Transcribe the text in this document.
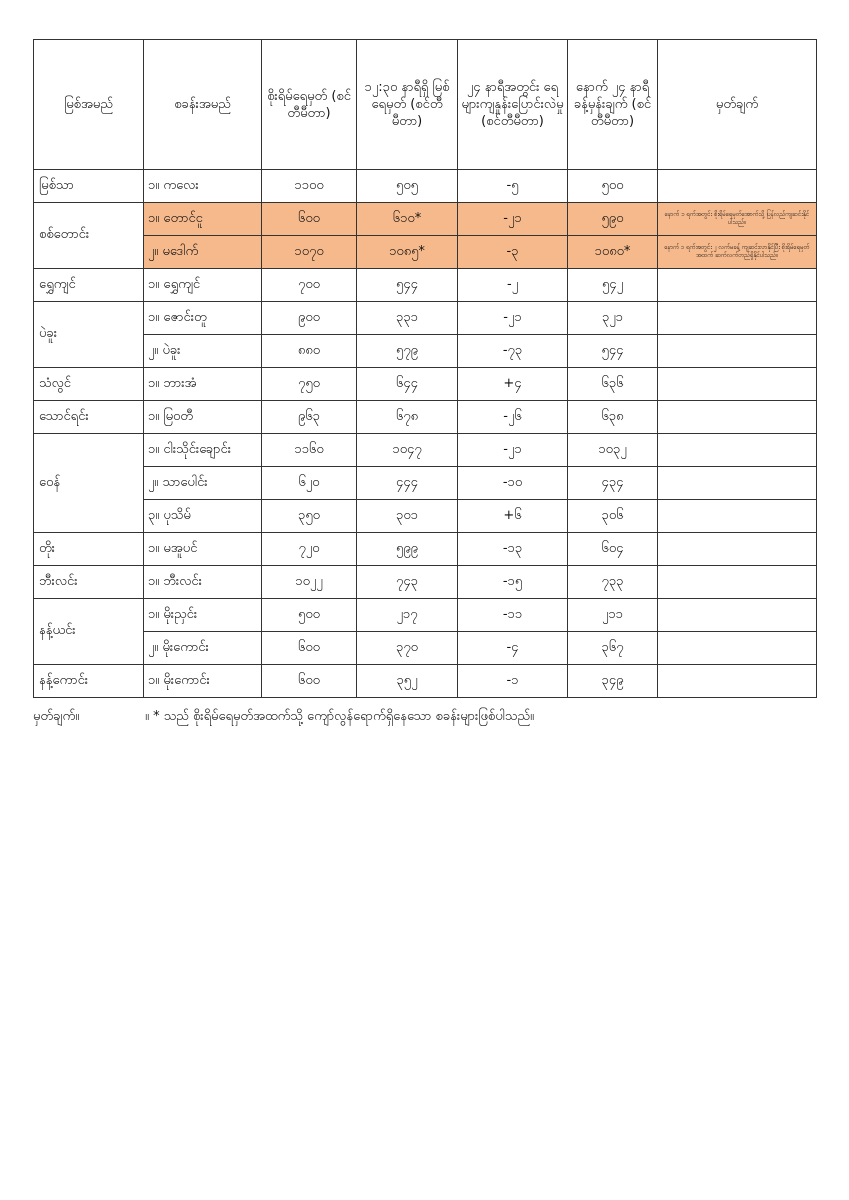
မြစ်အမည်	စခန်းအမည်	စိုးရိမ်ရေမှတ် (စင်တီမီတာ)	၁၂:၃၀ နာရီရှိ မြစ်ရေမှတ် (စင်တီမီတာ)	၂၄ နာရီအတွင်း ရေများကျနှုန်းပြောင်းလဲမှု (စင်တီမီတာ)	နောက် ၂၄ နာရီ ခန့်မှန်းချက် (စင်တီမီတာ)	မှတ်ချက်
မြစ်သာ	၁။ ကလေး	၁၁၀၀	၅၀၅	-၅	၅၀၀	
စစ်တောင်း	၁။ တောင်ငူ	၆၀၀	၆၁၀*	-၂၁	၅၉၀	နောက် ၁ ရက်အတွင်း စိုးရိမ်ရေမှတ်အောက်သို့ ပြန်လည်ကျဆင်းနိုင်ပါသည်။
	၂။ မဒေါက်	၁၀၇၀	၁၀၈၅*	-၃	၁၀၈၀*	နောက် ၁ ရက်အတွင်း ၂ လက်မခန့် ကျဆင်းလာနိုင်ပြီး စိုးရိမ်ရေမှတ်အထက် ဆက်လက်တည်ရှိနိုင်ပါသည်။
ရွှေကျင်	၁။ ရွှေကျင်	၇၀၀	၅၄၄	-၂	၅၄၂	
ပဲခူး	၁။ ဇောင်းတူ	၉၀၀	၃၃၁	-၂၁	၃၂၁	
	၂။ ပဲခူး	၈၈၀	၅၇၉	-၇၃	၅၄၄	
သံလွင်	၁။ ဘားအံ	၇၅၀	၆၄၄	+၄	၆၃၆	
သောင်ရင်း	၁။ မြဝတီ	၉၆၃	၆၇၈	-၂၆	၆၃၈	
ဝေန်	၁။ ငါးသိုင်းချောင်း	၁၁၆၀	၁၀၄၇	-၂၁	၁၀၃၂	
	၂။ သာပေါင်း	၆၂၀	၄၄၄	-၁၀	၄၃၄	
	၃။ ပုသိမ်	၃၅၀	၃၀၁	+၆	၃၀၆	
တိုး	၁။ မအူပင်	၇၂၀	၅၉၉	-၁၃	၆၀၄	
ဘီးလင်း	၁။ ဘီးလင်း	၁၀၂၂	၇၄၃	-၁၅	၇၃၃	
နန့်ယင်း	၁။ မိုးညှင်း	၅၀၀	၂၁၇	-၁၁	၂၁၁	
	၂။ မိုးကောင်း	၆၀၀	၃၇၀	-၄	၃၆၇	
နန့်ကောင်း	၁။ မိုးကောင်း	၆၀၀	၃၅၂	-၁	၃၄၉	
မှတ်ချက်။	။ * သည် စိုးရိမ်ရေမှတ်အထက်သို့ ကျော်လွန်ရောက်ရှိနေသော စခန်းများဖြစ်ပါသည်။
